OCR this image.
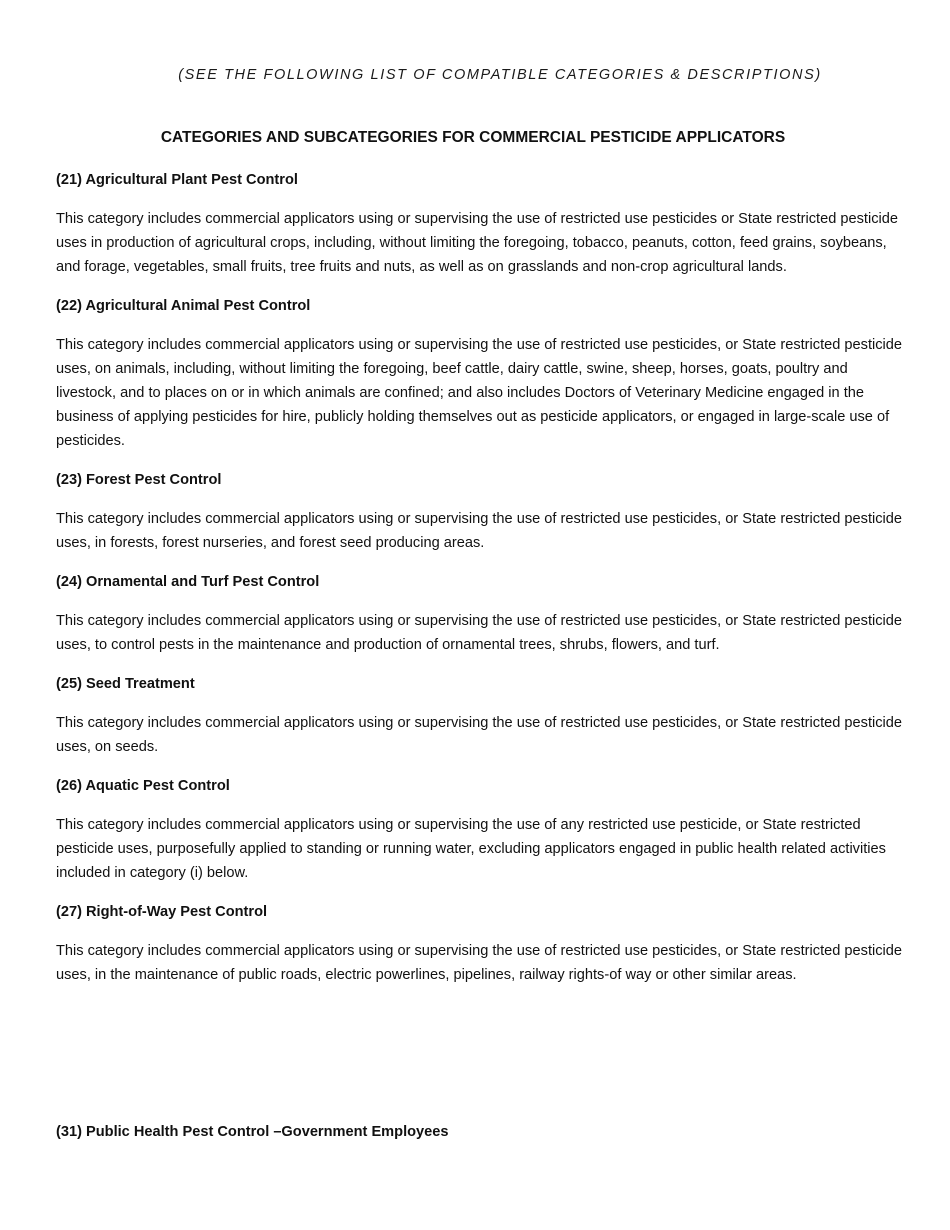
(SEE THE FOLLOWING LIST OF COMPATIBLE CATEGORIES & DESCRIPTIONS)

CATEGORIES AND SUBCATEGORIES FOR COMMERCIAL PESTICIDE APPLICATORS

(21) Agricultural Plant Pest Control

This category includes commercial applicators using or supervising the use of restricted use pesticides or State restricted pesticide uses in production of agricultural crops, including, without limiting the foregoing, tobacco, peanuts, cotton, feed grains, soybeans, and forage, vegetables, small fruits, tree fruits and nuts, as well as on grasslands and non-crop agricultural lands.

(22) Agricultural Animal Pest Control

This category includes commercial applicators using or supervising the use of restricted use pesticides, or State restricted pesticide uses, on animals, including, without limiting the foregoing, beef cattle, dairy cattle, swine, sheep, horses, goats, poultry and livestock, and to places on or in which animals are confined; and also includes Doctors of Veterinary Medicine engaged in the business of applying pesticides for hire, publicly holding themselves out as pesticide applicators, or engaged in large-scale use of pesticides.

(23) Forest Pest Control

This category includes commercial applicators using or supervising the use of restricted use pesticides, or State restricted pesticide uses, in forests, forest nurseries, and forest seed producing areas.

(24) Ornamental and Turf Pest Control

This category includes commercial applicators using or supervising the use of restricted use pesticides, or State restricted pesticide uses, to control pests in the maintenance and production of ornamental trees, shrubs, flowers, and turf.

(25) Seed Treatment

This category includes commercial applicators using or supervising the use of restricted use pesticides, or State restricted pesticide uses, on seeds.

(26) Aquatic Pest Control

This category includes commercial applicators using or supervising the use of any restricted use pesticide, or State restricted pesticide uses, purposefully applied to standing or running water, excluding applicators engaged in public health related activities included in category (i) below.

(27) Right-of-Way Pest Control

This category includes commercial applicators using or supervising the use of restricted use pesticides, or State restricted pesticide uses, in the maintenance of public roads, electric powerlines, pipelines, railway rights-of way or other similar areas.

(31) Public Health Pest Control –Government Employees
